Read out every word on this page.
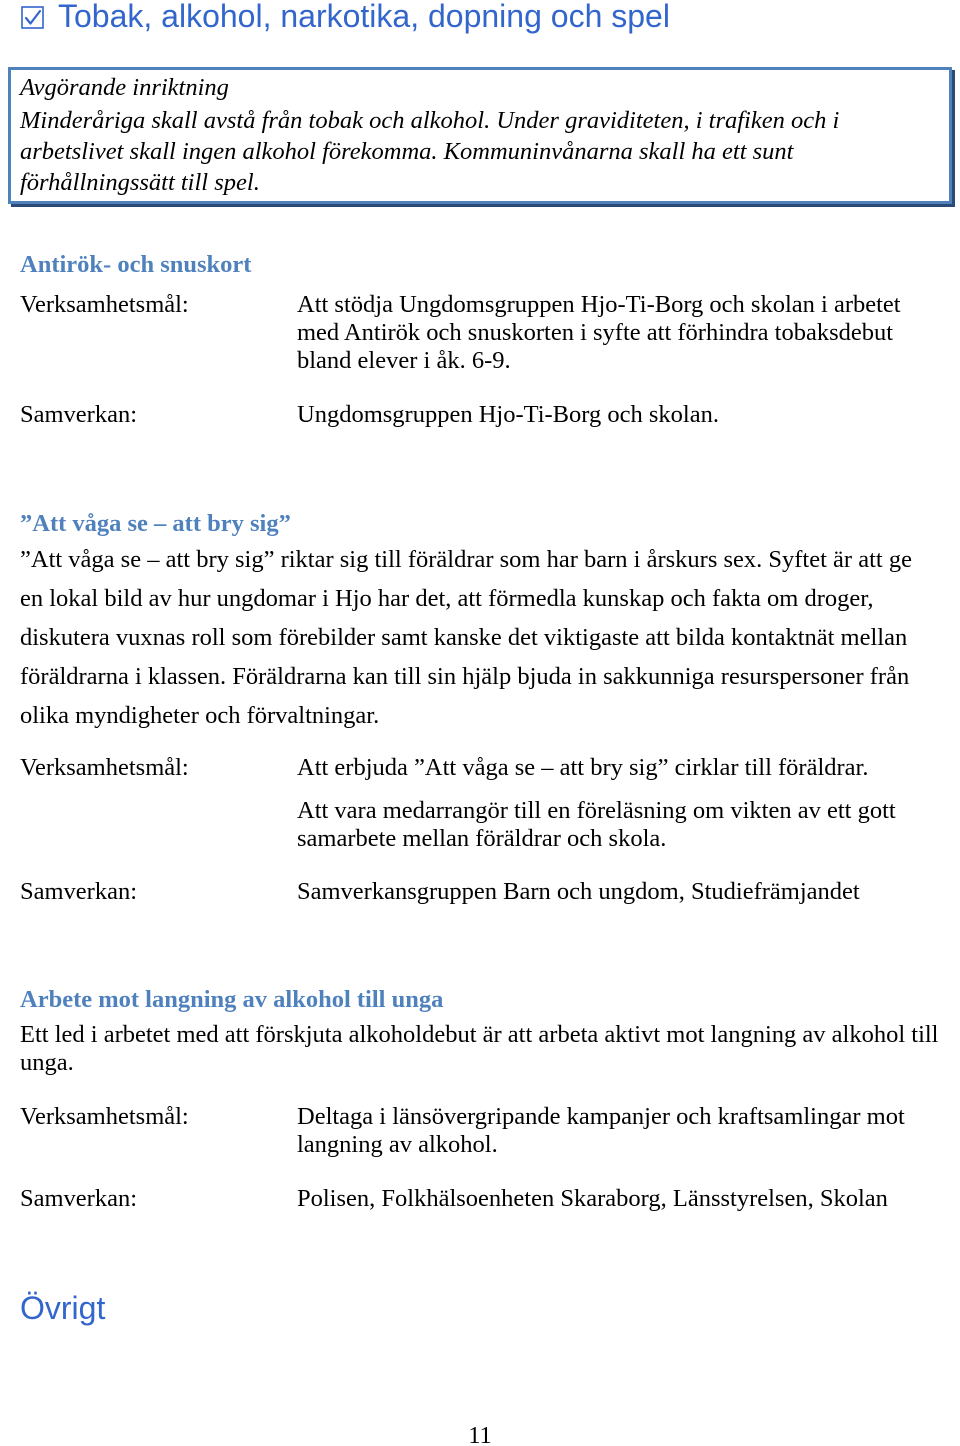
Tobak, alkohol, narkotika, dopning och spel
Avgörande inriktning
Minderåriga skall avstå från tobak och alkohol. Under graviditeten, i trafiken och i
arbetslivet skall ingen alkohol förekomma. Kommuninvånarna skall ha ett sunt
förhållningssätt till spel.
Antirök- och snuskort
Verksamhetsmål:	Att stödja Ungdomsgruppen Hjo-Ti-Borg och skolan i arbetet
med Antirök och snuskorten i syfte att förhindra tobaksdebut
bland elever i åk. 6-9.
Samverkan:	Ungdomsgruppen Hjo-Ti-Borg och skolan.
”Att våga se – att bry sig”
”Att våga se – att bry sig” riktar sig till föräldrar som har barn i årskurs sex. Syftet är att ge
en lokal bild av hur ungdomar i Hjo har det, att förmedla kunskap och fakta om droger,
diskutera vuxnas roll som förebilder samt kanske det viktigaste att bilda kontaktnät mellan
föräldrarna i klassen. Föräldrarna kan till sin hjälp bjuda in sakkunniga resurspersoner från
olika myndigheter och förvaltningar.
Verksamhetsmål:	Att erbjuda ”Att våga se – att bry sig” cirklar till föräldrar.
Att vara medarrangör till en föreläsning om vikten av ett gott
samarbete mellan föräldrar och skola.
Samverkan:	Samverkansgruppen Barn och ungdom, Studiefrämjandet
Arbete mot langning av alkohol till unga
Ett led i arbetet med att förskjuta alkoholdebut är att arbeta aktivt mot langning av alkohol till
unga.
Verksamhetsmål:	Deltaga i länsövergripande kampanjer och kraftsamlingar mot
langning av alkohol.
Samverkan:	Polisen, Folkhälsoenheten Skaraborg, Länsstyrelsen, Skolan
Övrigt
11
